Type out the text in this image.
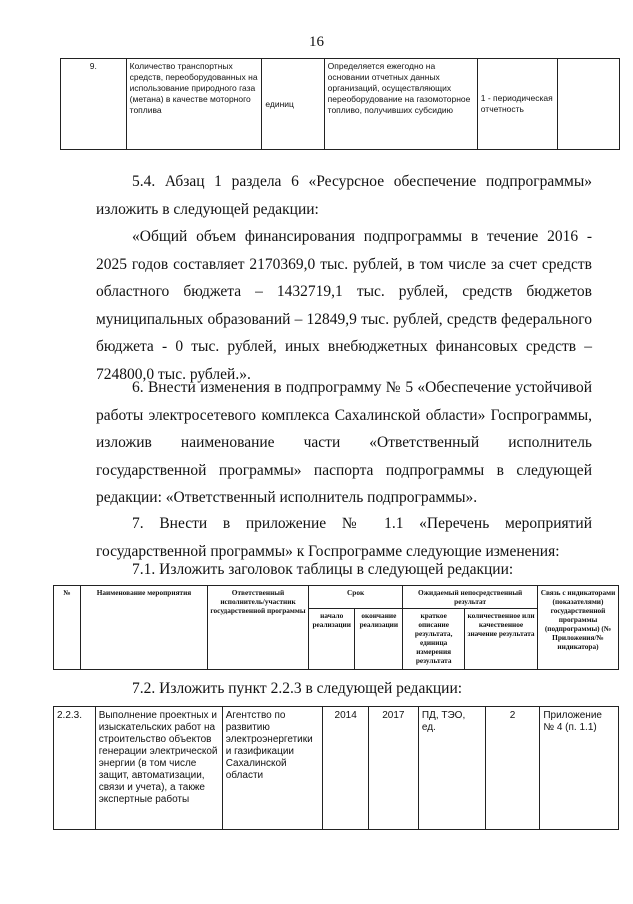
16
9.	Количество транспортных средств, переоборудованных на использование природного газа (метана) в качестве моторного топлива	единиц	Определяется ежегодно на основании отчетных данных организаций, осуществляющих переоборудование на газомоторное топливо, получивших субсидию	1 - периодическая отчетность	
5.4. Абзац 1 раздела 6 «Ресурсное обеспечение подпрограммы» изложить в следующей редакции:
«Общий объем финансирования подпрограммы в течение 2016 - 2025 годов составляет 2170369,0 тыс. рублей, в том числе за счет средств областного бюджета – 1432719,1 тыс. рублей, средств бюджетов муниципальных образований – 12849,9 тыс. рублей, средств федерального бюджета - 0 тыс. рублей, иных внебюджетных финансовых средств – 724800,0 тыс. рублей.».
6. Внести изменения в подпрограмму № 5 «Обеспечение устойчивой работы электросетевого комплекса Сахалинской области» Госпрограммы, изложив наименование части «Ответственный исполнитель государственной программы» паспорта подпрограммы в следующей редакции: «Ответственный исполнитель подпрограммы».
7. Внести в приложение № 1.1 «Перечень мероприятий государственной программы» к Госпрограмме следующие изменения:
7.1. Изложить заголовок таблицы в следующей редакции:
№	Наименование мероприятия	Ответственный исполнитель/участник государственной программы	Срок		Ожидаемый непосредственный результат		Связь с индикаторами (показателями) государственной программы (подпрограммы) (№ Приложения/№ индикатора)
			начало реализации	окончание реализации	краткое описание результата, единица измерения результата	количественное или качественное значение результата	
7.2. Изложить пункт 2.2.3 в следующей редакции:
2.2.3.	Выполнение проектных и изыскательских работ на строительство объектов генерации электрической энергии (в том числе защит, автоматизации, связи и учета), а также экспертные работы	Агентство по развитию электроэнергетики и газификации Сахалинской области	2014	2017	ПД, ТЭО, ед.	2	Приложение № 4 (п. 1.1)
